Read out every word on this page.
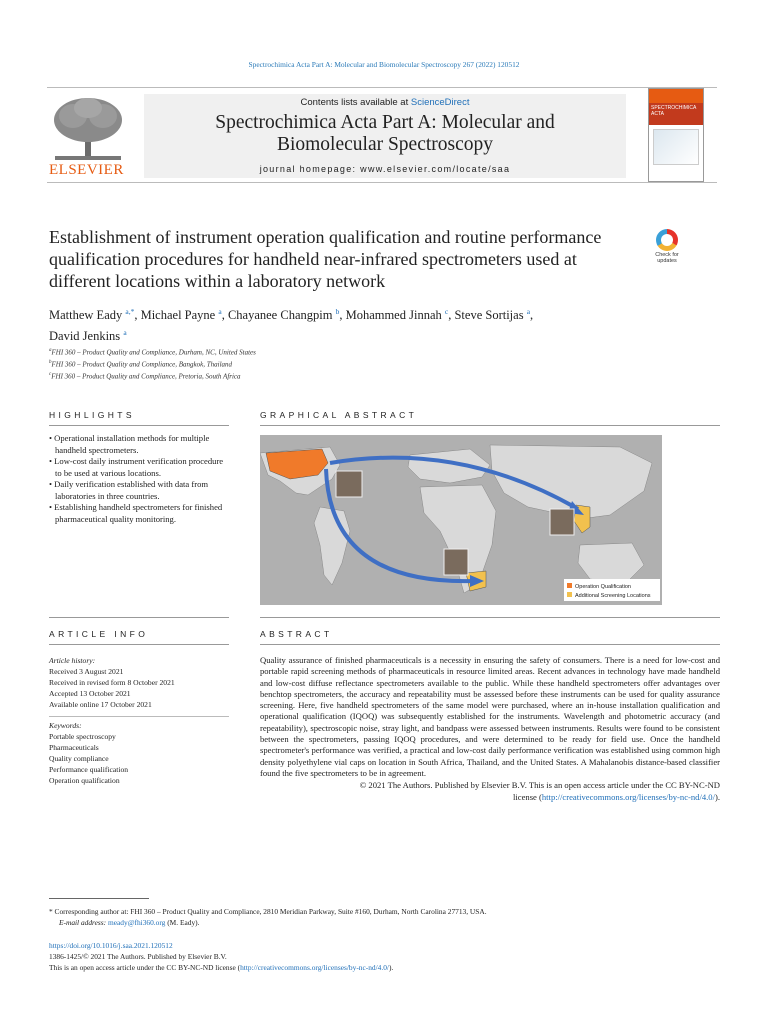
Spectrochimica Acta Part A: Molecular and Biomolecular Spectroscopy 267 (2022) 120512
ELSEVIER
Contents lists available at ScienceDirect
Spectrochimica Acta Part A: Molecular and
Biomolecular Spectroscopy
journal homepage: www.elsevier.com/locate/saa
SPECTROCHIMICA ACTA
Establishment of instrument operation qualification and routine performance qualification procedures for handheld near-infrared spectrometers used at different locations within a laboratory network
Check for updates
Matthew Eady $^{a,*}$, Michael Payne $^a$, Chayanee Changpim $^b$, Mohammed Jinnah $^c$, Steve Sortijas $^a$,
David Jenkins $^a$
$^a$FHI 360 – Product Quality and Compliance, Durham, NC, United States
$^b$FHI 360 – Product Quality and Compliance, Bangkok, Thailand
$^c$FHI 360 – Product Quality and Compliance, Pretoria, South Africa
HIGHLIGHTS	GRAPHICAL ABSTRACT
ARTICLE INFO	ABSTRACT
• Operational installation methods for multiple handheld spectrometers.
• Low-cost daily instrument verification procedure to be used at various locations.
• Daily verification established with data from laboratories in three countries.
• Establishing handheld spectrometers for finished pharmaceutical quality monitoring.
Operation Qualification
Additional Screening Locations
Article history:
Received 3 August 2021
Received in revised form 8 October 2021
Accepted 13 October 2021
Available online 17 October 2021
Keywords:
Portable spectroscopy
Pharmaceuticals
Quality compliance
Performance qualification
Operation qualification

Quality assurance of finished pharmaceuticals is a necessity in ensuring the safety of consumers. There is a need for low-cost and portable rapid screening methods of pharmaceuticals in resource limited areas. Recent advances in technology have made handheld and low-cost diffuse reflectance spectrometers available to the public. While these handheld spectrometers offer advantages over benchtop spectrometers, the accuracy and repeatability must be assessed before these instruments can be used for quality assurance screening. Here, five handheld spectrometers of the same model were purchased, where an in-house installation qualification and operational qualification (IQOQ) was subsequently established for the instruments. Wavelength and photometric accuracy (and repeatability), spectroscopic noise, stray light, and bandpass were assessed between instruments. Results were found to be consistent between the spectrometers, passing IQOQ procedures, and were determined to be ready for field use. Once the handheld spectrometer's performance was verified, a practical and low-cost daily performance verification was established using common high density polyethylene vial caps on location in South Africa, Thailand, and the United States. A Mahalanobis distance-based classifier found the five spectrometers to be in agreement.

© 2021 The Authors. Published by Elsevier B.V. This is an open access article under the CC BY-NC-ND
license (http://creativecommons.org/licenses/by-nc-nd/4.0/).

* Corresponding author at: FHI 360 – Product Quality and Compliance, 2810 Meridian Parkway, Suite #160, Durham, North Carolina 27713, USA.
E-mail address: meady@fhi360.org (M. Eady).
https://doi.org/10.1016/j.saa.2021.120512
1386-1425/© 2021 The Authors. Published by Elsevier B.V.
This is an open access article under the CC BY-NC-ND license (http://creativecommons.org/licenses/by-nc-nd/4.0/).
